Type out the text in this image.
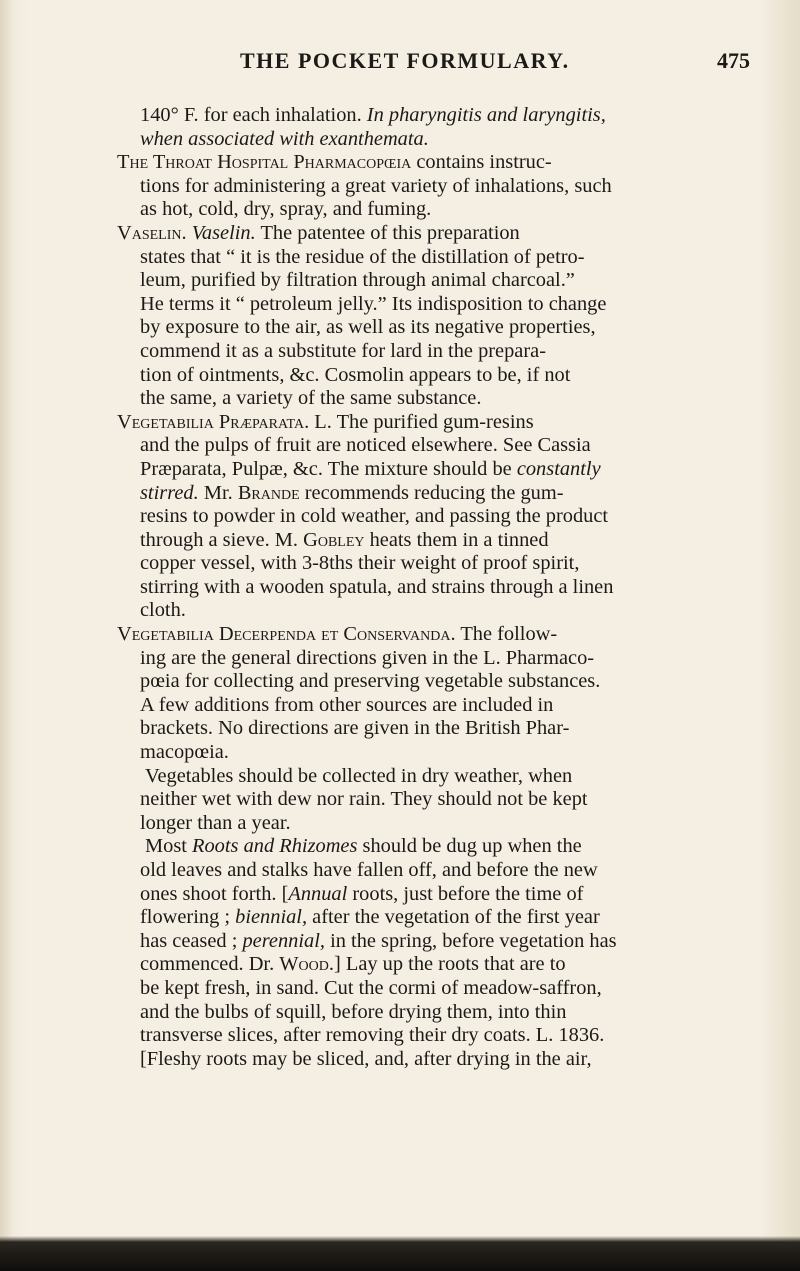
THE POCKET FORMULARY.	475
140° F. for each inhalation. In pharyngitis and laryngitis,
when associated with exanthemata.
The Throat Hospital Pharmacopœia contains instruc-
tions for administering a great variety of inhalations, such
as hot, cold, dry, spray, and fuming.
Vaselin. Vaselin. The patentee of this preparation
states that “ it is the residue of the distillation of petro-
leum, purified by filtration through animal charcoal.”
He terms it “ petroleum jelly.” Its indisposition to change
by exposure to the air, as well as its negative properties,
commend it as a substitute for lard in the prepara-
tion of ointments, &c. Cosmolin appears to be, if not
the same, a variety of the same substance.
Vegetabilia Præparata. L. The purified gum-resins
and the pulps of fruit are noticed elsewhere. See Cassia
Præparata, Pulpæ, &c. The mixture should be constantly
stirred. Mr. Brande recommends reducing the gum-
resins to powder in cold weather, and passing the product
through a sieve. M. Gobley heats them in a tinned
copper vessel, with 3-8ths their weight of proof spirit,
stirring with a wooden spatula, and strains through a linen
cloth.
Vegetabilia Decerpenda et Conservanda. The follow-
ing are the general directions given in the L. Pharmaco-
pœia for collecting and preserving vegetable substances.
A few additions from other sources are included in
brackets. No directions are given in the British Phar-
macopœia.
Vegetables should be collected in dry weather, when
neither wet with dew nor rain. They should not be kept
longer than a year.
Most Roots and Rhizomes should be dug up when the
old leaves and stalks have fallen off, and before the new
ones shoot forth. [Annual roots, just before the time of
flowering ; biennial, after the vegetation of the first year
has ceased ; perennial, in the spring, before vegetation has
commenced. Dr. Wood.] Lay up the roots that are to
be kept fresh, in sand. Cut the cormi of meadow-saffron,
and the bulbs of squill, before drying them, into thin
transverse slices, after removing their dry coats. L. 1836.
[Fleshy roots may be sliced, and, after drying in the air,
